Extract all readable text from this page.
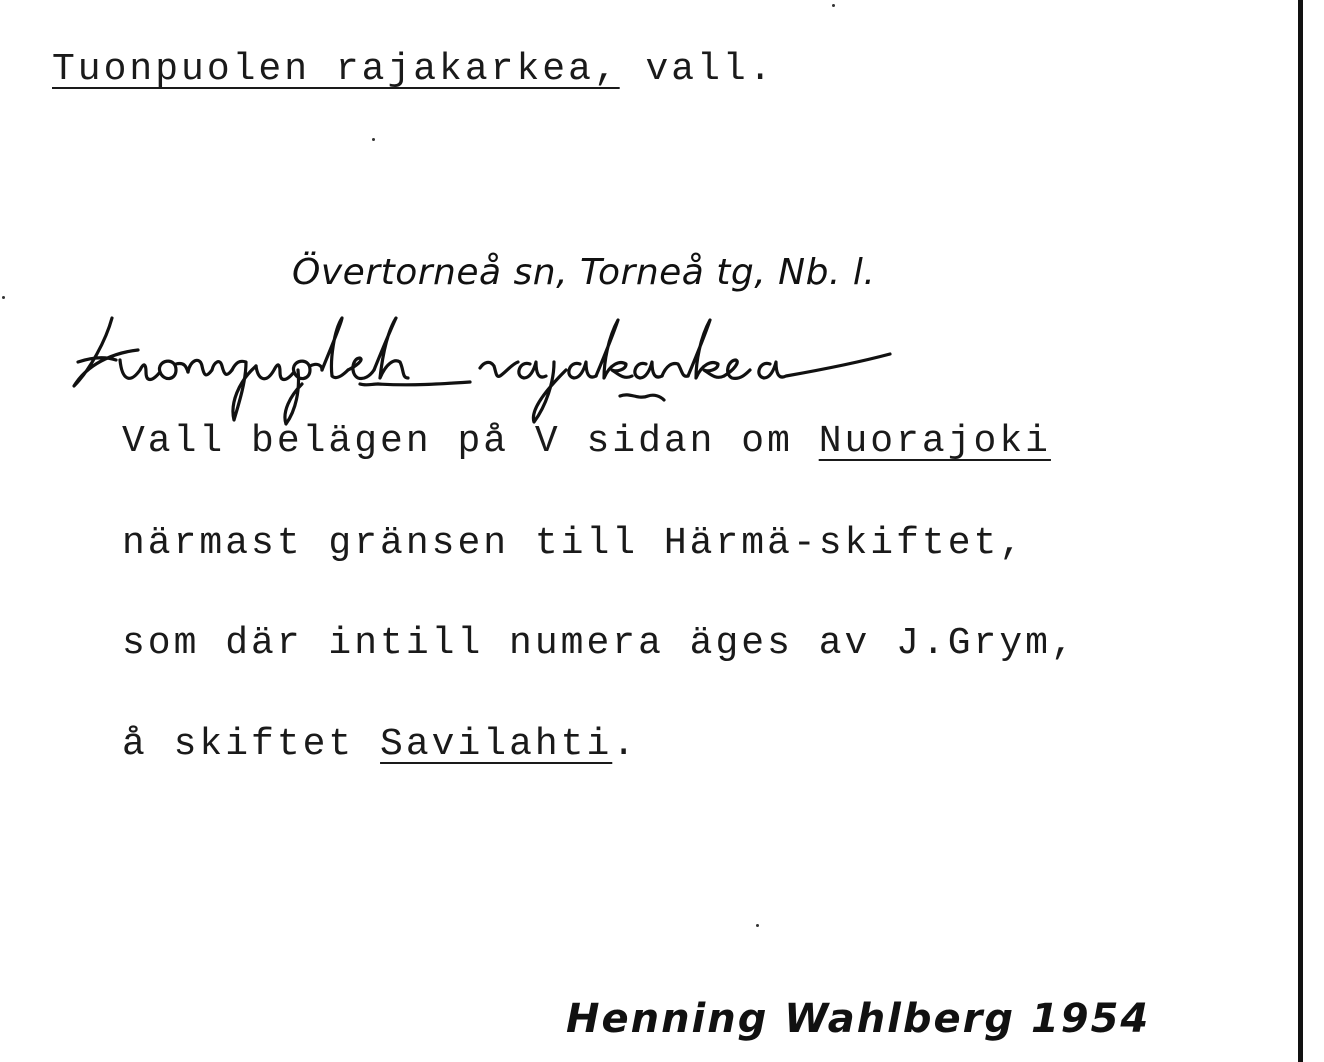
Tuonpuolen rajakarkea, vall.
Övertorneå sn, Torneå tg, Nb. l.
Vall belägen på V sidan om Nuorajoki
närmast gränsen till Härmä-skiftet,
som där intill numera äges av J.Grym,
å skiftet Savilahti.
Henning Wahlberg 1954
